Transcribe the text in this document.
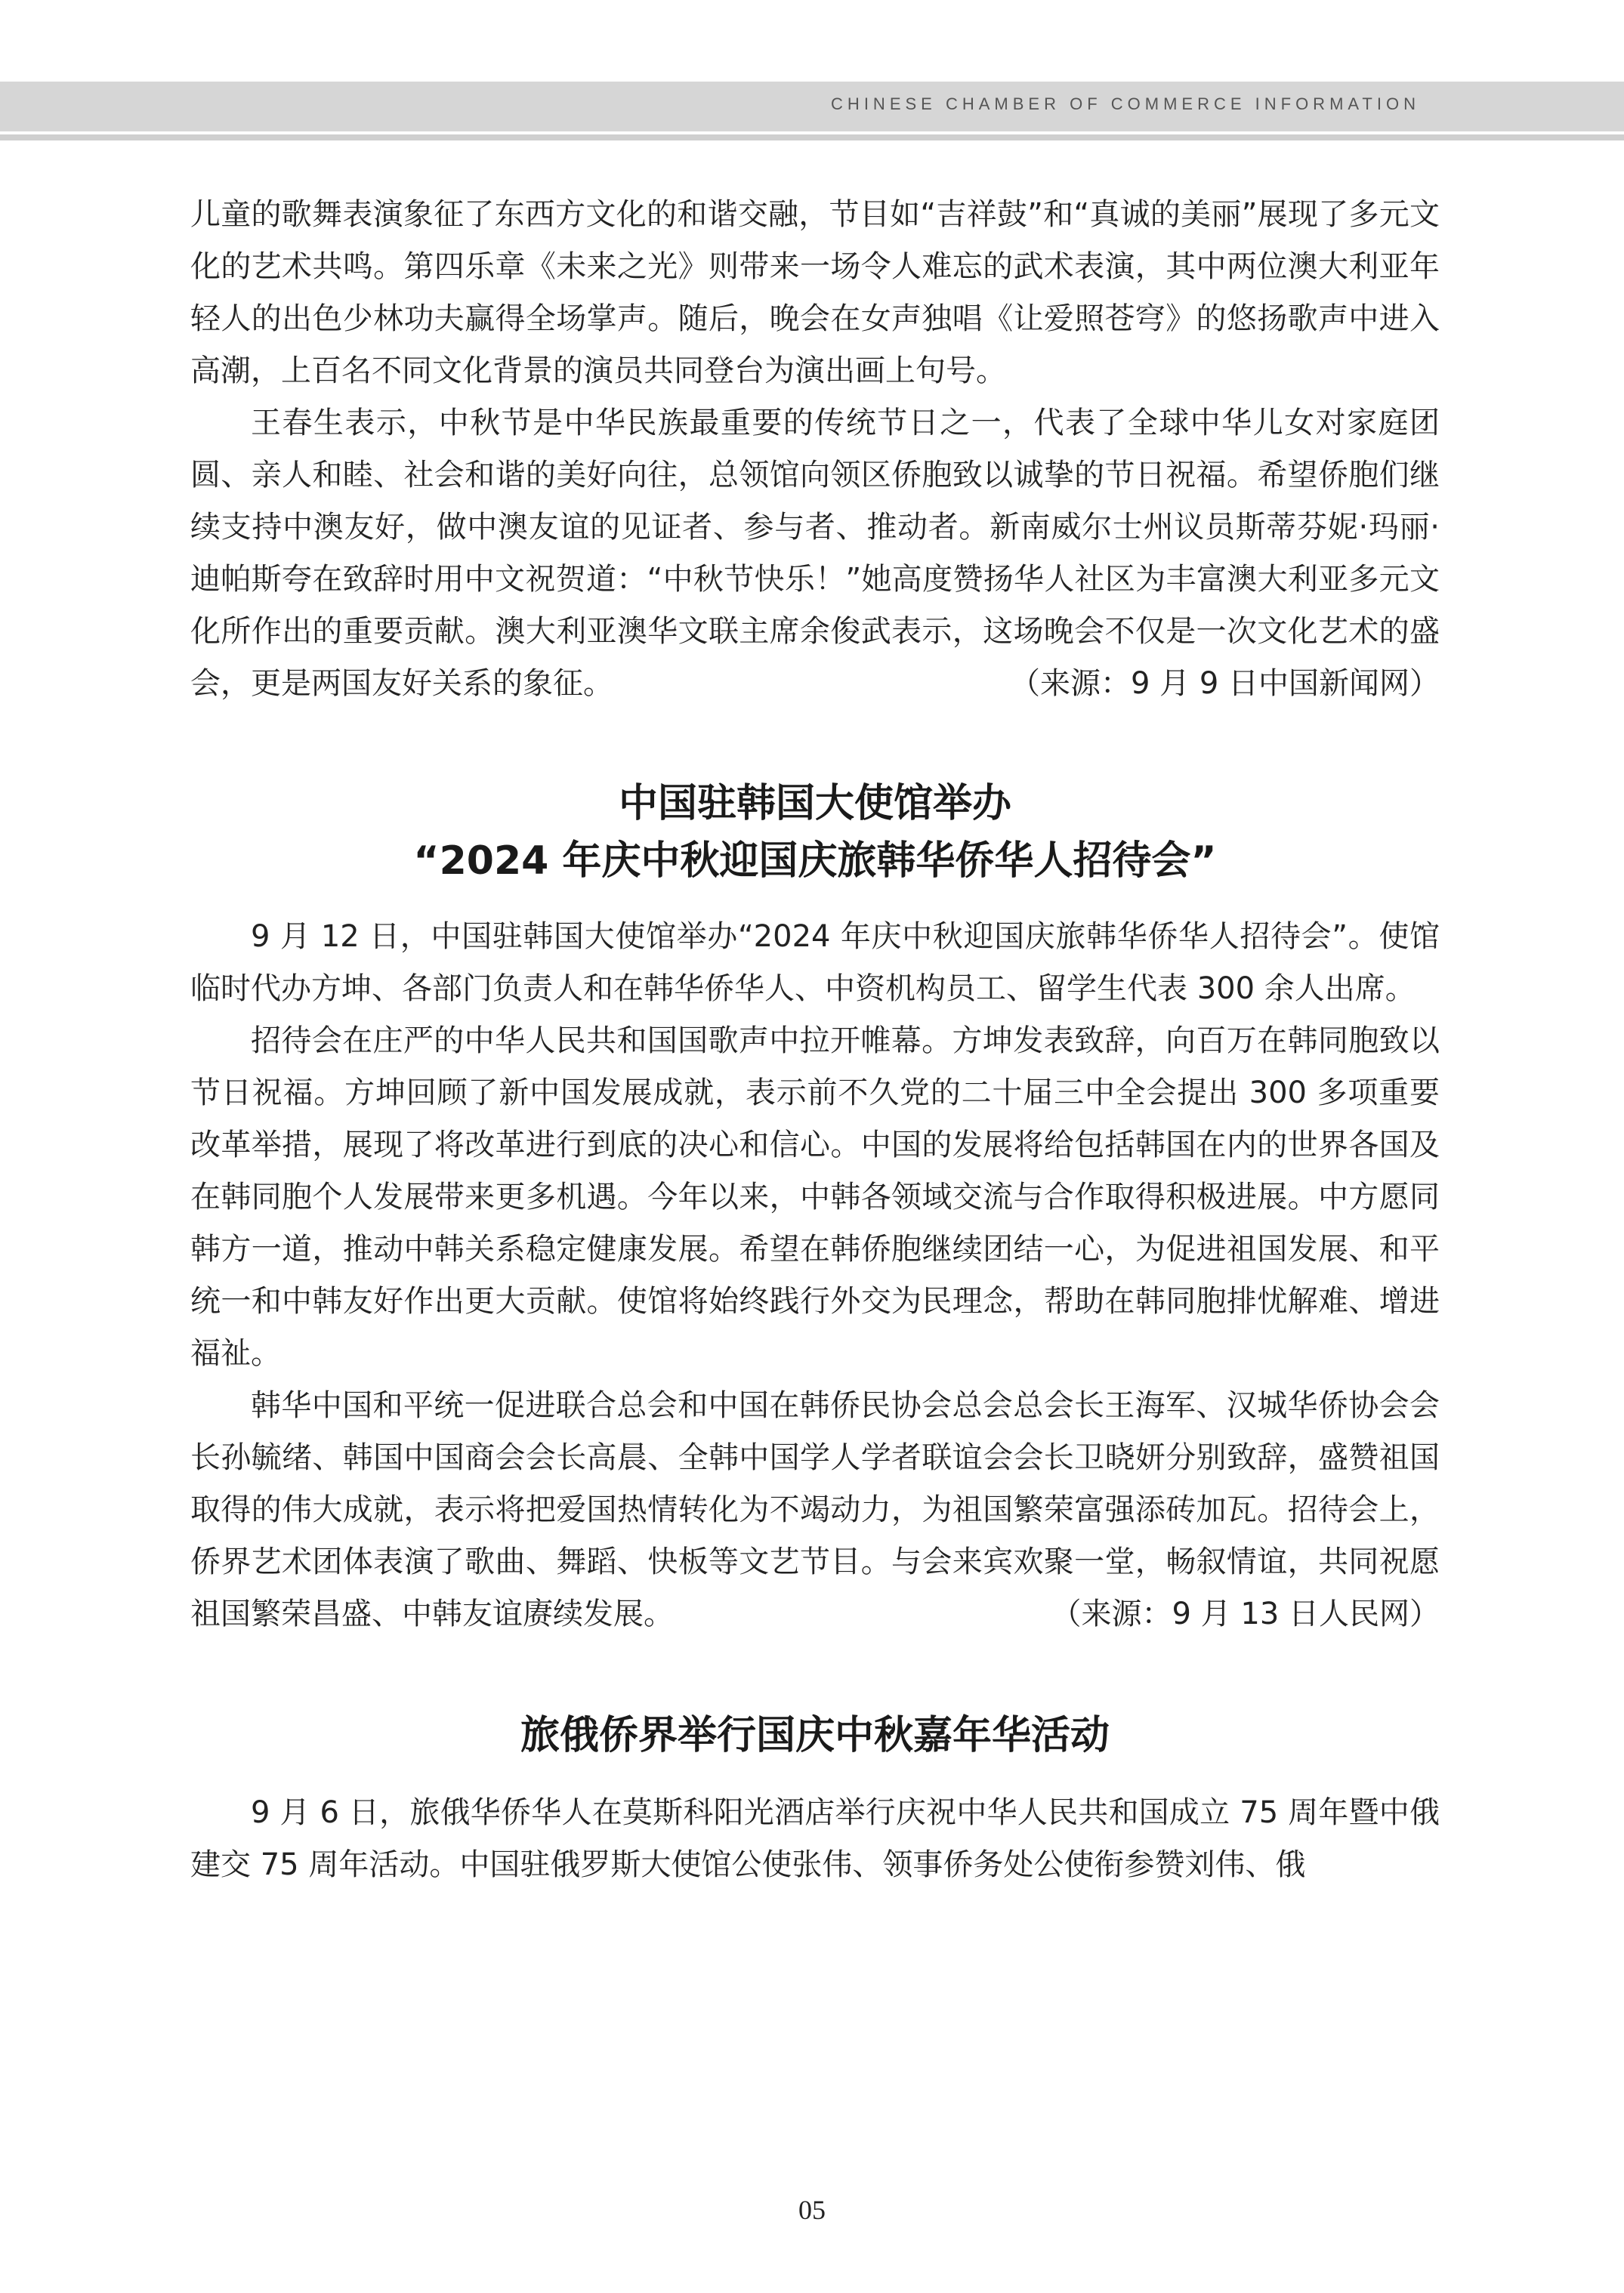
CHINESE CHAMBER OF COMMERCE INFORMATION

儿童的歌舞表演象征了东西方文化的和谐交融，节目如“吉祥鼓”和“真诚的美丽”展现了多元文化的艺术共鸣。第四乐章《未来之光》则带来一场令人难忘的武术表演，其中两位澳大利亚年轻人的出色少林功夫赢得全场掌声。随后，晚会在女声独唱《让爱照苍穹》的悠扬歌声中进入高潮，上百名不同文化背景的演员共同登台为演出画上句号。

王春生表示，中秋节是中华民族最重要的传统节日之一，代表了全球中华儿女对家庭团圆、亲人和睦、社会和谐的美好向往，总领馆向领区侨胞致以诚挚的节日祝福。希望侨胞们继续支持中澳友好，做中澳友谊的见证者、参与者、推动者。新南威尔士州议员斯蒂芬妮·玛丽·迪帕斯夸在致辞时用中文祝贺道：“中秋节快乐！”她高度赞扬华人社区为丰富澳大利亚多元文化所作出的重要贡献。澳大利亚澳华文联主席余俊武表示，这场晚会不仅是一次文化艺术的盛会，更是两国友好关系的象征。	（来源：9 月 9 日中国新闻网）

中国驻韩国大使馆举办

“2024 年庆中秋迎国庆旅韩华侨华人招待会”

9 月 12 日，中国驻韩国大使馆举办“2024 年庆中秋迎国庆旅韩华侨华人招待会”。使馆临时代办方坤、各部门负责人和在韩华侨华人、中资机构员工、留学生代表 300 余人出席。

招待会在庄严的中华人民共和国国歌声中拉开帷幕。方坤发表致辞，向百万在韩同胞致以节日祝福。方坤回顾了新中国发展成就，表示前不久党的二十届三中全会提出 300 多项重要改革举措，展现了将改革进行到底的决心和信心。中国的发展将给包括韩国在内的世界各国及在韩同胞个人发展带来更多机遇。今年以来，中韩各领域交流与合作取得积极进展。中方愿同韩方一道，推动中韩关系稳定健康发展。希望在韩侨胞继续团结一心，为促进祖国发展、和平统一和中韩友好作出更大贡献。使馆将始终践行外交为民理念，帮助在韩同胞排忧解难、增进福祉。

韩华中国和平统一促进联合总会和中国在韩侨民协会总会总会长王海军、汉城华侨协会会长孙毓绪、韩国中国商会会长高晨、全韩中国学人学者联谊会会长卫晓妍分别致辞，盛赞祖国取得的伟大成就，表示将把爱国热情转化为不竭动力，为祖国繁荣富强添砖加瓦。招待会上，侨界艺术团体表演了歌曲、舞蹈、快板等文艺节目。与会来宾欢聚一堂，畅叙情谊，共同祝愿祖国繁荣昌盛、中韩友谊赓续发展。	（来源：9 月 13 日人民网）

旅俄侨界举行国庆中秋嘉年华活动

9 月 6 日，旅俄华侨华人在莫斯科阳光酒店举行庆祝中华人民共和国成立 75 周年暨中俄建交 75 周年活动。中国驻俄罗斯大使馆公使张伟、领事侨务处公使衔参赞刘伟、俄

05
